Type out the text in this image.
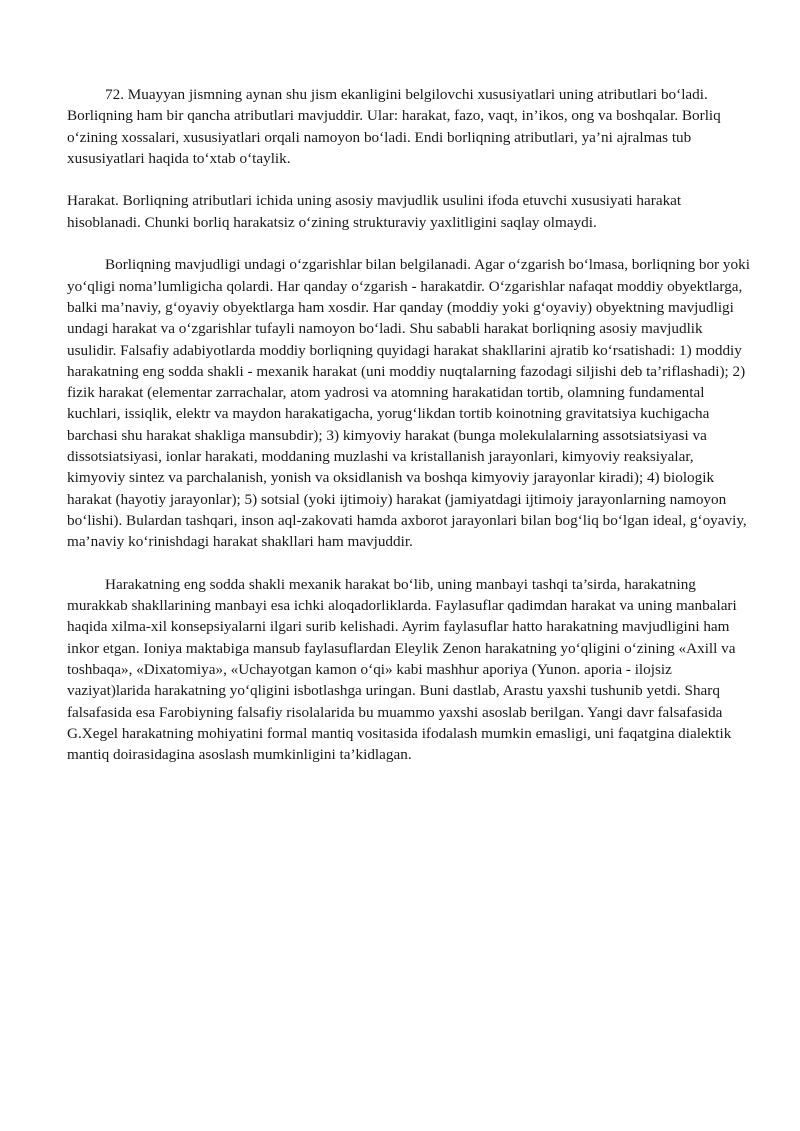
72. Muayyan jismning aynan shu jism ekanligini belgilovchi xususiyatlari uning atributlari bo‘ladi. Borliqning ham bir qancha atributlari mavjuddir. Ular: harakat, fazo, vaqt, in’ikos, ong va boshqalar. Borliq o‘zining xossalari, xususiyatlari orqali namoyon bo‘ladi. Endi borliqning atributlari, ya’ni ajralmas tub xususiyatlari haqida to‘xtab o‘taylik.

Harakat. Borliqning atributlari ichida uning asosiy mavjudlik usulini ifoda etuvchi xususiyati harakat hisoblanadi. Chunki borliq harakatsiz o‘zining strukturaviy yaxlitligini saqlay olmaydi.

Borliqning mavjudligi undagi o‘zgarishlar bilan belgilanadi. Agar o‘zgarish bo‘lmasa, borliqning bor yoki yo‘qligi noma’lumligicha qolardi. Har qanday o‘zgarish - harakatdir. O‘zgarishlar nafaqat moddiy obyektlarga, balki ma’naviy, g‘oyaviy obyektlarga ham xosdir. Har qanday (moddiy yoki g‘oyaviy) obyektning mavjudligi undagi harakat va o‘zgarishlar tufayli namoyon bo‘ladi. Shu sababli harakat borliqning asosiy mavjudlik usulidir. Falsafiy adabiyotlarda moddiy borliqning quyidagi harakat shakllarini ajratib ko‘rsatishadi: 1) moddiy harakatning eng sodda shakli - mexanik harakat (uni moddiy nuqtalarning fazodagi siljishi deb ta’riflashadi); 2) fizik harakat (elementar zarrachalar, atom yadrosi va atomning harakatidan tortib, olamning fundamental kuchlari, issiqlik, elektr va maydon harakatigacha, yorug‘likdan tortib koinotning gravitatsiya kuchigacha barchasi shu harakat shakliga mansubdir); 3) kimyoviy harakat (bunga molekulalarning assotsiatsiyasi va dissotsiatsiyasi, ionlar harakati, moddaning muzlashi va kristallanish jarayonlari, kimyoviy reaksiyalar, kimyoviy sintez va parchalanish, yonish va oksidlanish va boshqa kimyoviy jarayonlar kiradi); 4) biologik harakat (hayotiy jarayonlar); 5) sotsial (yoki ijtimoiy) harakat (jamiyatdagi ijtimoiy jarayonlarning namoyon bo‘lishi). Bulardan tashqari, inson aql-zakovati hamda axborot jarayonlari bilan bog‘liq bo‘lgan ideal, g‘oyaviy, ma’naviy ko‘rinishdagi harakat shakllari ham mavjuddir.

Harakatning eng sodda shakli mexanik harakat bo‘lib, uning manbayi tashqi ta’sirda, harakatning murakkab shakllarining manbayi esa ichki aloqadorliklarda. Faylasuflar qadimdan harakat va uning manbalari haqida xilma-xil konsepsiyalarni ilgari surib kelishadi. Ayrim faylasuflar hatto harakatning mavjudligini ham inkor etgan. Ioniya maktabiga mansub faylasuflardan Eleylik Zenon harakatning yo‘qligini o‘zining «Axill va toshbaqa», «Dixatomiya», «Uchayotgan kamon o‘qi» kabi mashhur aporiya (Yunon. aporia - ilojsiz vaziyat)larida harakatning yo‘qligini isbotlashga uringan. Buni dastlab, Arastu yaxshi tushunib yetdi. Sharq falsafasida esa Farobiyning falsafiy risolalarida bu muammo yaxshi asoslab berilgan. Yangi davr falsafasida G.Xegel harakatning mohiyatini formal mantiq vositasida ifodalash mumkin emasligi, uni faqatgina dialektik mantiq doirasidagina asoslash mumkinligini ta’kidlagan.
